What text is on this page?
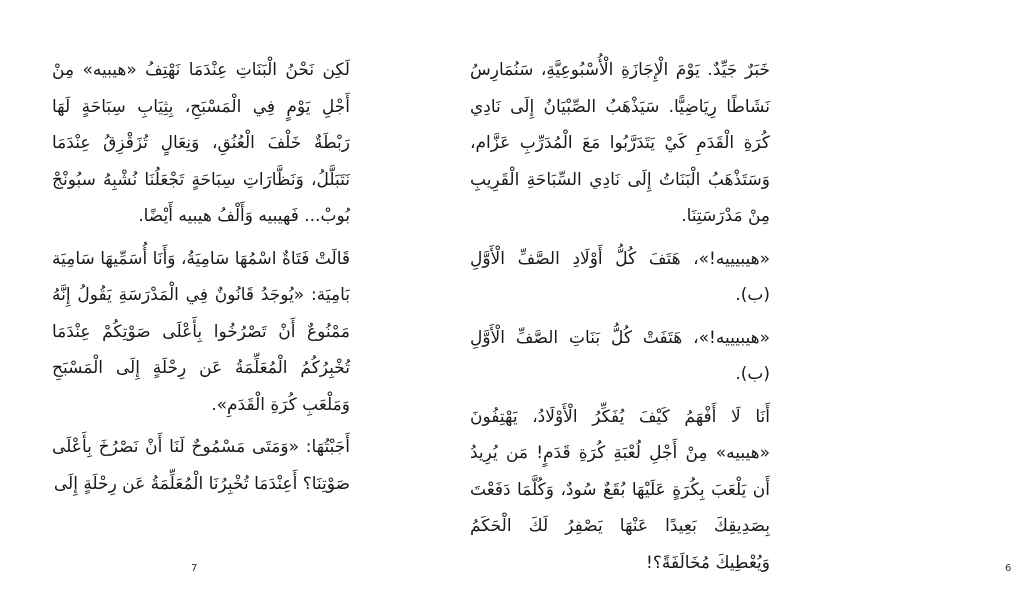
لَكِن نَحْنُ الْبَنَاتِ عِنْدَمَا نَهْتِفُ «هيبيه» مِنْ أَجْلِ يَوْمٍ فِي الْمَسْبَحِ، بِثِيَابِ سِبَاحَةٍ لَهَا رَبْطَةٌ خَلْفَ الْعُنُقِ، وَنِعَالٍ تُزَقْزِقُ عِنْدَمَا نَتَبَلَّلُ، وَنَظَّارَاتِ سِبَاحَةٍ تَجْعَلُنَا نُشْبِهُ سبُونْجْ بُوبْ... فَهيبيه وَأَلْفُ هيبيه أَيْضًا.

قَالَتْ فَتَاةٌ اسْمُهَا سَامِيَةُ، وَأَنَا أُسَمِّيهَا سَامِيَة بَامِيَة: «يُوجَدُ قَانُونٌ فِي الْمَدْرَسَةِ يَقُولُ إِنَّهُ مَمْنُوعٌ أَنْ تَصْرُخُوا بِأَعْلَى صَوْتِكُمْ عِنْدَمَا تُخْبِرُكُمُ الْمُعَلِّمَةُ عَن رِحْلَةٍ إِلَى الْمَسْبَحِ وَمَلْعَبِ كُرَةِ الْقَدَمِ».

أَجَبْتُهَا: «وَمَتَى مَسْمُوحٌ لَنَا أَنْ نَصْرُخَ بِأَعْلَى صَوْتِنَا؟ أَعِنْدَمَا تُخْبِرُنَا الْمُعَلِّمَةُ عَن رِحْلَةٍ إِلَى

7

خَبَرٌ جَيِّدٌ. يَوْمَ الْإِجَازَةِ الْأُسْبُوعِيَّةِ، سَنُمَارِسُ نَشَاطًا رِيَاضِيًّا. سَيَذْهَبُ الصِّبْيَانُ إِلَى نَادِي كُرَةِ الْقَدَمِ كَيْ يَتَدَرَّبُوا مَعَ الْمُدَرِّبِ عَزَّام، وَسَتَذْهَبُ الْبَنَاتُ إِلَى نَادِي السِّبَاحَةِ الْقَرِيبِ مِنْ مَدْرَسَتِنَا.

«هيبيييه!»، هَتَفَ كُلُّ أَوْلَادِ الصَّفِّ الْأَوَّلِ (ب).

«هيبيييه!»، هَتَفَتْ كُلُّ بَنَاتِ الصَّفِّ الْأَوَّلِ (ب).

أَنَا لَا أَفْهَمُ كَيْفَ يُفَكِّرُ الْأَوْلَادُ، يَهْتِفُونَ «هيبيه» مِنْ أَجْلِ لُعْبَةِ كُرَةِ قَدَمٍ! مَن يُرِيدُ أَن يَلْعَبَ بِكُرَةٍ عَلَيْهَا بُقَعٌ سُودٌ، وَكُلَّمَا دَفَعْتَ بِصَدِيقِكَ بَعِيدًا عَنْهَا يَصْفِرُ لَكَ الْحَكَمُ وَيُعْطِيكَ مُخَالَفَةً؟!	6
